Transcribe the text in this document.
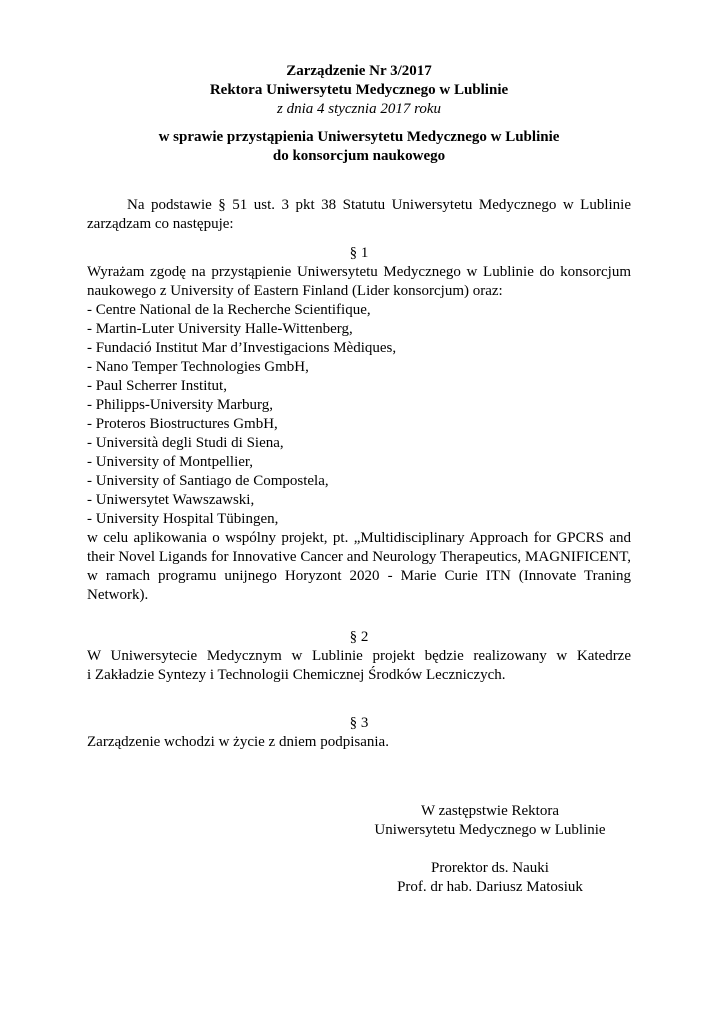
Zarządzenie Nr 3/2017
Rektora Uniwersytetu Medycznego w Lublinie
z dnia 4 stycznia 2017 roku
w sprawie przystąpienia Uniwersytetu Medycznego w Lublinie
do konsorcjum naukowego
Na podstawie § 51 ust. 3 pkt 38 Statutu Uniwersytetu Medycznego w Lublinie
zarządzam co następuje:
§ 1
Wyrażam zgodę na przystąpienie Uniwersytetu Medycznego w Lublinie do konsorcjum
naukowego z University of Eastern Finland (Lider konsorcjum) oraz:
- Centre National de la Recherche Scientifique,
- Martin-Luter University Halle-Wittenberg,
- Fundació Institut Mar d’Investigacions Mèdiques,
- Nano Temper Technologies GmbH,
- Paul Scherrer Institut,
- Philipps-University Marburg,
- Proteros Biostructures GmbH,
- Università degli Studi di Siena,
- University of Montpellier,
- University of Santiago de Compostela,
- Uniwersytet Wawszawski,
- University Hospital Tübingen,
w celu aplikowania o wspólny projekt, pt. „Multidisciplinary Approach for GPCRS and
their Novel Ligands for Innovative Cancer and Neurology Therapeutics, MAGNIFICENT,
w ramach programu unijnego Horyzont 2020 - Marie Curie ITN (Innovate Traning
Network).
§ 2
W Uniwersytecie Medycznym w Lublinie projekt będzie realizowany w Katedrze
i Zakładzie Syntezy i Technologii Chemicznej Środków Leczniczych.
§ 3
Zarządzenie wchodzi w życie z dniem podpisania.
W zastępstwie Rektora
Uniwersytetu Medycznego w Lublinie
Prorektor ds. Nauki
Prof. dr hab. Dariusz Matosiuk
